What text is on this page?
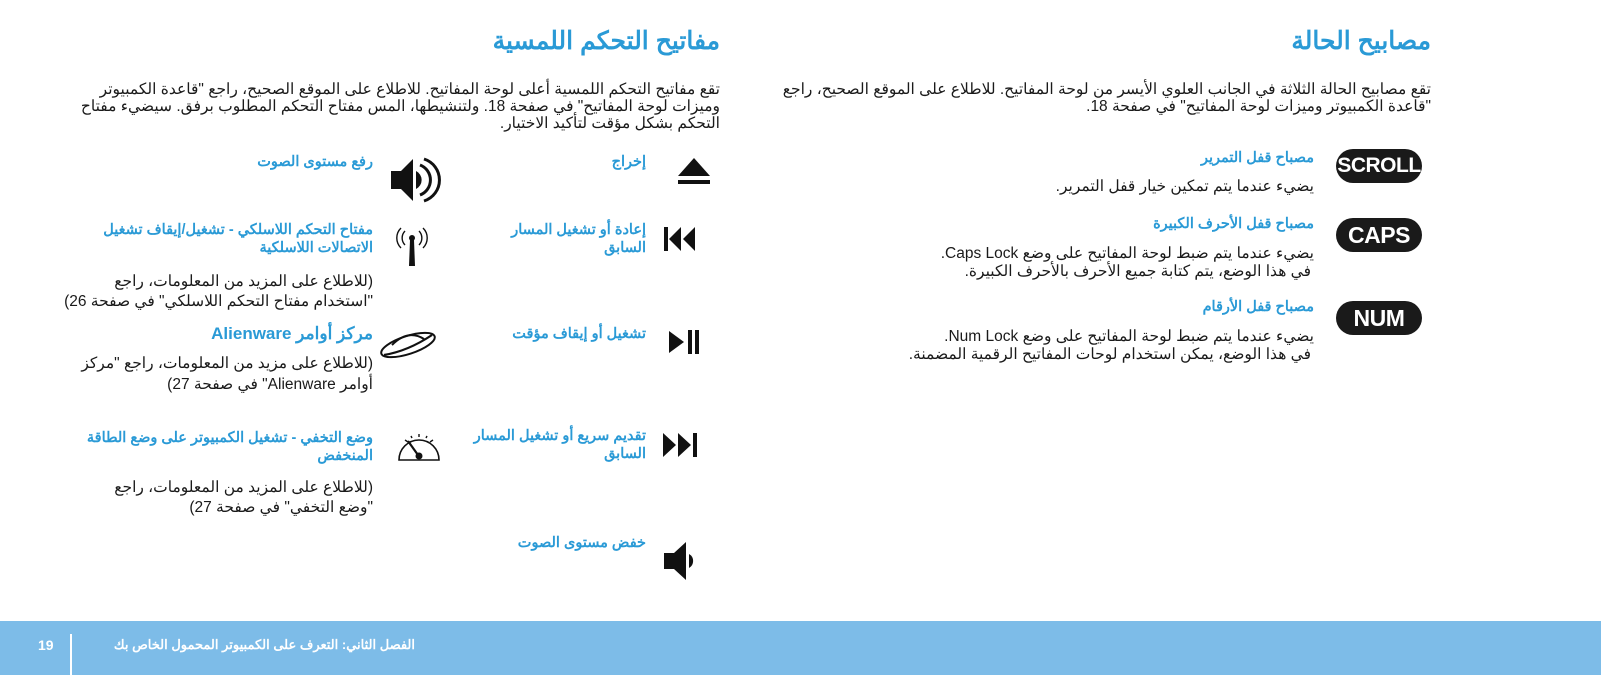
مصابيح الحالة
تقع مصابيح الحالة الثلاثة في الجانب العلوي الأيسر من لوحة المفاتيح. للاطلاع على الموقع الصحيح، راجع "قاعدة الكمبيوتر وميزات لوحة المفاتيح" في صفحة 18.
SCROLL
مصباح قفل التمرير
يضيء عندما يتم تمكين خيار قفل التمرير.
CAPS
مصباح قفل الأحرف الكبيرة
يضيء عندما يتم ضبط لوحة المفاتيح على وضع Caps Lock.
في هذا الوضع، يتم كتابة جميع الأحرف بالأحرف الكبيرة.
NUM
مصباح قفل الأرقام
يضيء عندما يتم ضبط لوحة المفاتيح على وضع Num Lock.
في هذا الوضع، يمكن استخدام لوحات المفاتيح الرقمية المضمنة.
مفاتيح التحكم اللمسية
تقع مفاتيح التحكم اللمسية أعلى لوحة المفاتيح. للاطلاع على الموقع الصحيح، راجع "قاعدة الكمبيوتر وميزات لوحة المفاتيح" في صفحة 18. ولتنشيطها، المس مفتاح التحكم المطلوب برفق. سيضيء مفتاح التحكم بشكل مؤقت لتأكيد الاختيار.
إخراج
إعادة أو تشغيل المسار السابق
تشغيل أو إيقاف مؤقت
تقديم سريع أو تشغيل المسار السابق
خفض مستوى الصوت
رفع مستوى الصوت
مفتاح التحكم اللاسلكي - تشغيل/إيقاف تشغيل الاتصالات اللاسلكية
(للاطلاع على المزيد من المعلومات، راجع
"استخدام مفتاح التحكم اللاسلكي" في صفحة 26)
مركز أوامر Alienware
(للاطلاع على مزيد من المعلومات، راجع "مركز
أوامر Alienware" في صفحة 27)
وضع التخفي - تشغيل الكمبيوتر على وضع الطاقة المنخفض
(للاطلاع على المزيد من المعلومات، راجع
"وضع التخفي" في صفحة 27)
الفصل الثاني: التعرف على الكمبيوتر المحمول الخاص بك
19
